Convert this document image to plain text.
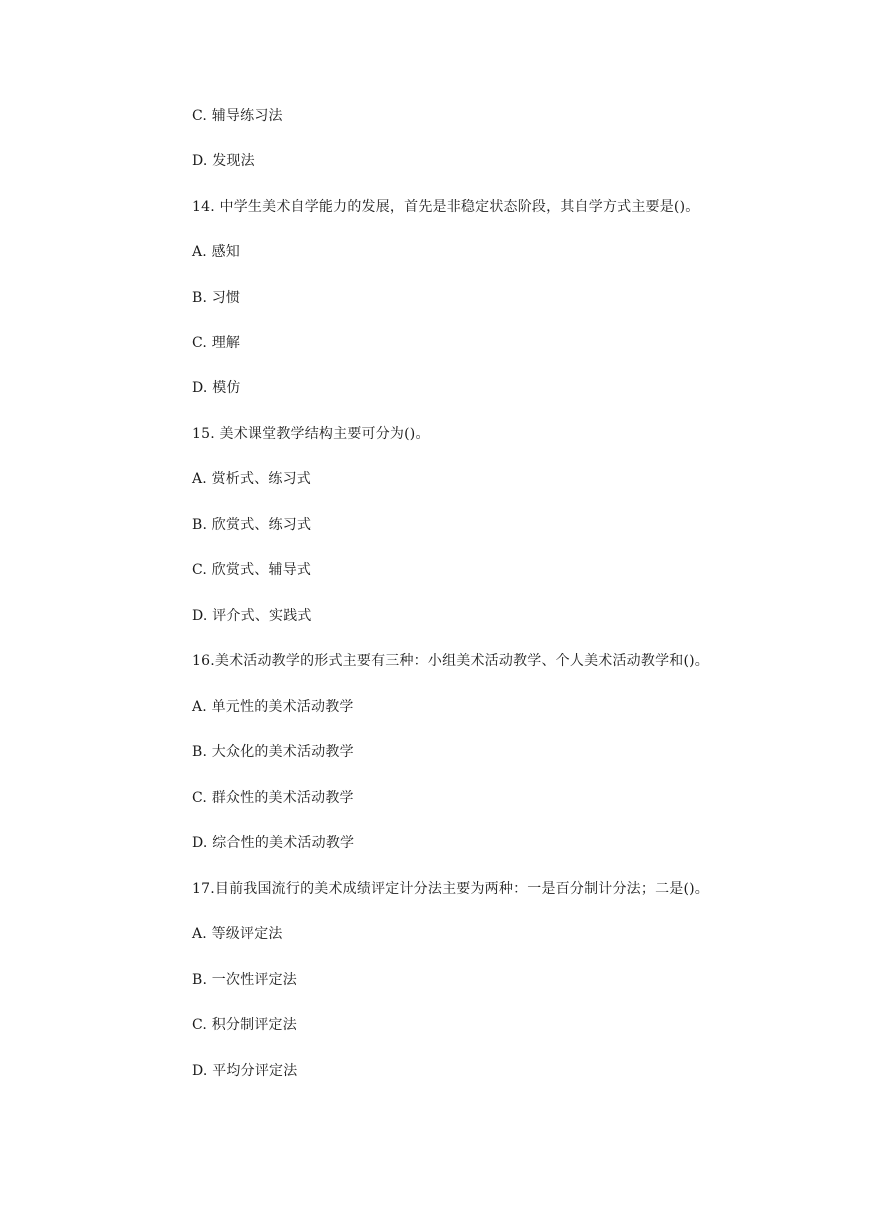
C. 辅导练习法
D. 发现法
14. 中学生美术自学能力的发展，首先是非稳定状态阶段，其自学方式主要是()。
A. 感知
B. 习惯
C. 理解
D. 模仿
15. 美术课堂教学结构主要可分为()。
A. 赏析式、练习式
B. 欣赏式、练习式
C. 欣赏式、辅导式
D. 评介式、实践式
16.美术活动教学的形式主要有三种：小组美术活动教学、个人美术活动教学和()。
A. 单元性的美术活动教学
B. 大众化的美术活动教学
C. 群众性的美术活动教学
D. 综合性的美术活动教学
17.目前我国流行的美术成绩评定计分法主要为两种：一是百分制计分法；二是()。
A. 等级评定法
B. 一次性评定法
C. 积分制评定法
D. 平均分评定法
